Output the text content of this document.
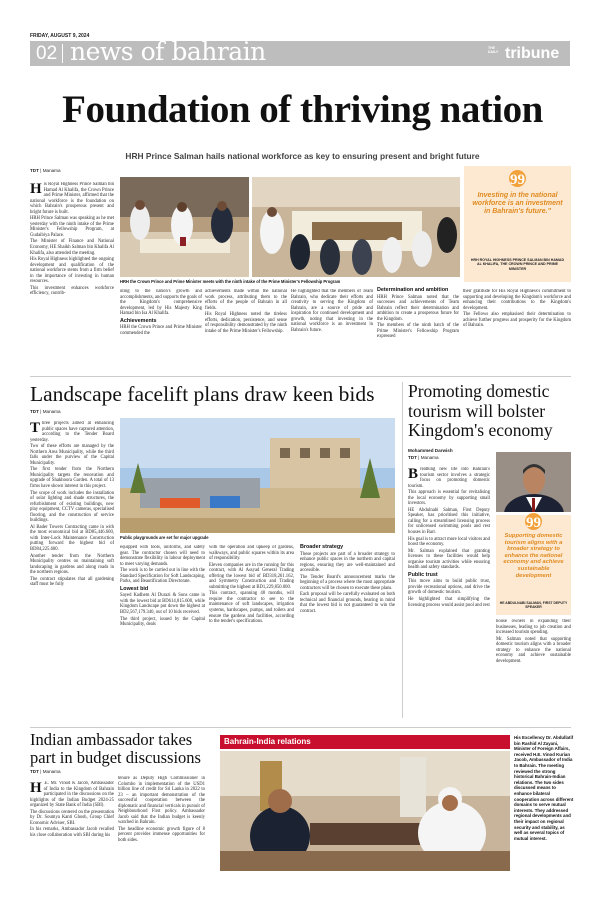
FRIDAY, AUGUST 9, 2024
02 news of bahrain	THE DAILY tribune
Foundation of thriving nation
HRH Prince Salman hails national workforce as key to ensuring present and bright future
TDT | Manama

His Royal Highness Prince Salman bin Hamad Al Khalifa, the Crown Prince and Prime Minister, affirmed that the national workforce is the foundation on which Bahrain's prosperous present and bright future is built.

HRH Prince Salman was speaking as he met yesterday with the ninth intake of the Prime Minister's Fellowship Program, at Gudaibiya Palace.

The Minister of Finance and National Economy, HE Shaikh Salman bin Khalifa Al Khalifa, also attended the meeting.

His Royal Highness highlighted the ongoing development and qualification of the national workforce stems from a firm belief in the importance of investing in human resources.

This investment enhances workforce efficiency, contrib-

HRH the Crown Prince and Prime Minister meets with the ninth intake of the Prime Minister's Fellowship Program

uting to the nation's growth and accomplishments, and supports the goals of the Kingdom's comprehensive development, led by His Majesty King Hamad bin Isa Al Khalifa.

Achievements

HRH the Crown Prince and Prime Minister commended the

achievements made within the national work process, attributing them to the efforts of the people of Bahrain in all fields.

His Royal Highness noted the tireless efforts, dedication, persistence, and sense of responsibility demonstrated by the ninth intake of the Prime Minister's Fellowship.

He highlighted that the members of Team Bahrain, who dedicate their efforts and creativity to serving the Kingdom of Bahrain, are a source of pride and inspiration for continued development and growth, noting that investing in the national workforce is an investment in Bahrain's future.

Determination and ambition

HRH Prince Salman noted that the successes and achievements of Team Bahrain reflect their determination and ambition to create a prosperous future for the Kingdom.

The members of the ninth batch of the Prime Minister's Fellowship Program expressed

their gratitude for His Royal Highness's commitment to supporting and developing the Kingdom's workforce and enhancing their contributions to the Kingdom's development.

The Fellows also emphasised their determination to achieve further progress and prosperity for the Kingdom of Bahrain.

99
Investing in the national workforce is an investment in Bahrain's future."
HRH ROYAL HIGHNESS PRINCE SALMAN BIN HAMAD AL KHALIFA, THE CROWN PRINCE AND PRIME MINISTER
Landscape facelift plans draw keen bids
TDT | Manama

Three projects aimed at enhancing public spaces have captured attention, according to the Tender Board yesterday.

Two of these efforts are managed by the Northern Area Municipality, while the third falls under the purview of the Capital Municipality.

The first tender from the Northern Municipality targets the renovation and upgrade of Shakhoora Garden. A total of 13 firms have shown interest in this project.

The scope of work includes the installation of solar lighting and shade structures, the refurbishment of existing buildings, new play equipment, CCTV cameras, specialised flooring, and the construction of service buildings.

Al Bader Towers Contracting came in with the most economical bid at BD85,446.600, with Inter-Lock Maintenance Construction putting forward the highest bid of BD84,225.600.

Another tender from the Northern Municipality centres on maintaining soft landscaping in gardens and along roads in the northern regions.

The contract stipulates that all gardening staff must be fully

Public playgrounds are set for major upgrade

equipped with tools, uniforms, and safety gear. The contractor chosen will need to demonstrate flexibility in labour deployment to meet varying demands.

The work is to be carried out in line with the Standard Specification for Soft Landscaping, Parks, and Beautification Directorate.

Lowest bid

Sayed Kadhem Al Durazi & Sons came in with the lowest bid at BD614,015.600, while Kingdom Landscape put down the highest at BD2,567,179.340, out of 10 bids received.

The third project, issued by the Capital Municipality, deals

with the operation and upkeep of gardens, walkways, and public squares within its area of responsibility.

Eleven companies are in the running for this contract, with Al Assyad General Trading offering the lowest bid of BD318,261.162, and Symmetry Construction and Trading submitting the highest at BD1,229,850.000.

This contract, spanning 48 months, will require the contractor to see to the maintenance of soft landscapes, irrigation systems, hardscapes, pumps, and toilets and ensure the gardens and facilities, according to the tender's specifications.

Broader strategy

These projects are part of a broader strategy to enhance public spaces in the northern and capital regions, ensuring they are well-maintained and accessible.

The Tender Board's announcement marks the beginning of a process where the most appropriate contractors will be chosen to execute these plans.

Each proposal will be carefully evaluated on both technical and financial grounds, bearing in mind that the lowest bid is not guaranteed to win the contract.

Promoting domestic tourism will bolster Kingdom's economy
Mohammed Darwish
TDT | Manama

Breathing new life into Bahrain's tourism sector involves a strategic focus on promoting domestic tourism.

This approach is essential for revitalising the local economy by supporting small investors.

HE Abdulnabi Salman, First Deputy Speaker, has prioritised this initiative, calling for a streamlined licensing process for unlicensed swimming pools and rest houses in Barr.

His goal is to attract more local visitors and boost the economy.

Mr. Salman explained that granting licenses to these facilities would help organise tourism activities while ensuring health and safety standards.

Public trust

This move aims to build public trust, provide recreational options, and drive the growth of domestic tourism.

He highlighted that simplifying the licensing process would assist pool and rest

99
Supporting domestic tourism aligns with a broader strategy to enhance the national economy and achieve sustainable development
HE ABDULNABI SALMAN, FIRST DEPUTY SPEAKER

house owners in expanding their businesses, leading to job creation and increased tourism spending.

Mr. Salman noted that supporting domestic tourism aligns with a broader strategy to enhance the national economy and achieve sustainable development.

Indian ambassador takes part in budget discussions
TDT | Manama

H .E. Mr. Vinod K Jacob, Ambassador of India to the Kingdom of Bahrain participated in the discussions on the highlights of the Indian Budget 2024-25 organized by State Bank of India (SBI).

The discussions centered on the presentation by Dr. Soumya Kanti Ghosh, Group Chief Economic Adviser, SBI.

In his remarks, Ambassador Jacob recalled his close collaboration with SBI during his

tenure as Deputy High Commissioner in Colombo in implementation of the USD1 billion line of credit for Sri Lanka in 2022 to 23 – an important demonstration of the successful cooperation between the diplomatic and financial verticals in pursuit of Neighbourhood First policy. Ambassador Jacob said that the Indian budget is keenly watched in Bahrain.

The headline economic growth figure of 8 percent provides immense opportunities for both sides.

Bahrain-India relations	His Excellency Dr. Abdullatif bin Rashid Al Zayani, Minister of Foreign Affairs, received H.E. Vinod Kurian Jacob, Ambassador of India to Bahrain. The meeting reviewed the strong historical Bahrain-Indian relations. The two sides discussed means to enhance bilateral cooperation across different domains to serve mutual interests. They addressed regional developments and their impact on regional security and stability, as well as several topics of mutual interest.
